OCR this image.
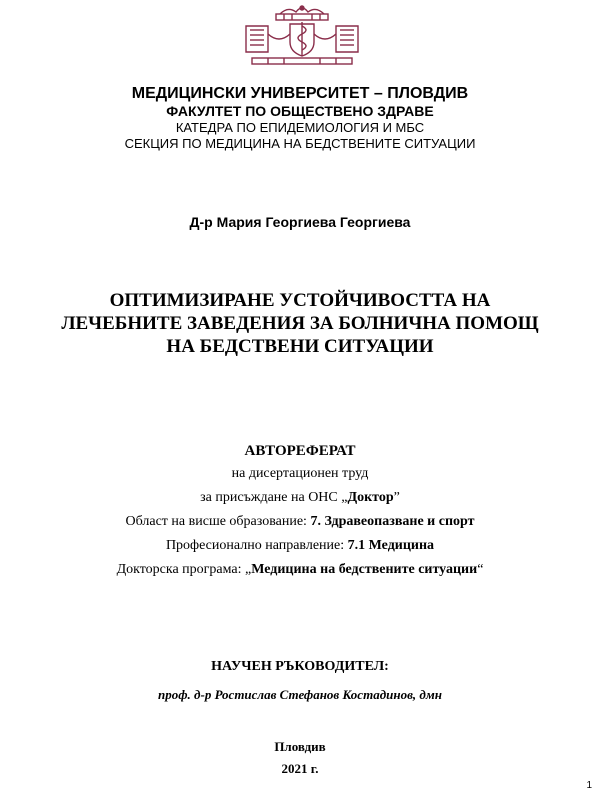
МЕДИЦИНСКИ УНИВЕРСИТЕТ – ПЛОВДИВ
ФАКУЛТЕТ ПО ОБЩЕСТВЕНО ЗДРАВЕ
КАТЕДРА ПО ЕПИДЕМИОЛОГИЯ И МБС
СЕКЦИЯ ПО МЕДИЦИНА НА БЕДСТВЕНИТЕ СИТУАЦИИ
Д-р Мария Георгиева Георгиева
ОПТИМИЗИРАНЕ УСТОЙЧИВОСТТА НА
ЛЕЧЕБНИТЕ ЗАВЕДЕНИЯ ЗА БОЛНИЧНА ПОМОЩ
НА БЕДСТВЕНИ СИТУАЦИИ
АВТОРЕФЕРАТ
на дисертационен труд
за присъждане на ОНС „Доктор”
Област на висше образование: 7. Здравеопазване и спорт
Професионално направление: 7.1 Медицина
Докторска програма: „Медицина на бедствените ситуации“
НАУЧЕН РЪКОВОДИТЕЛ:
проф. д-р Ростислав Стефанов Костадинов, дмн
Пловдив
2021 г.
1
